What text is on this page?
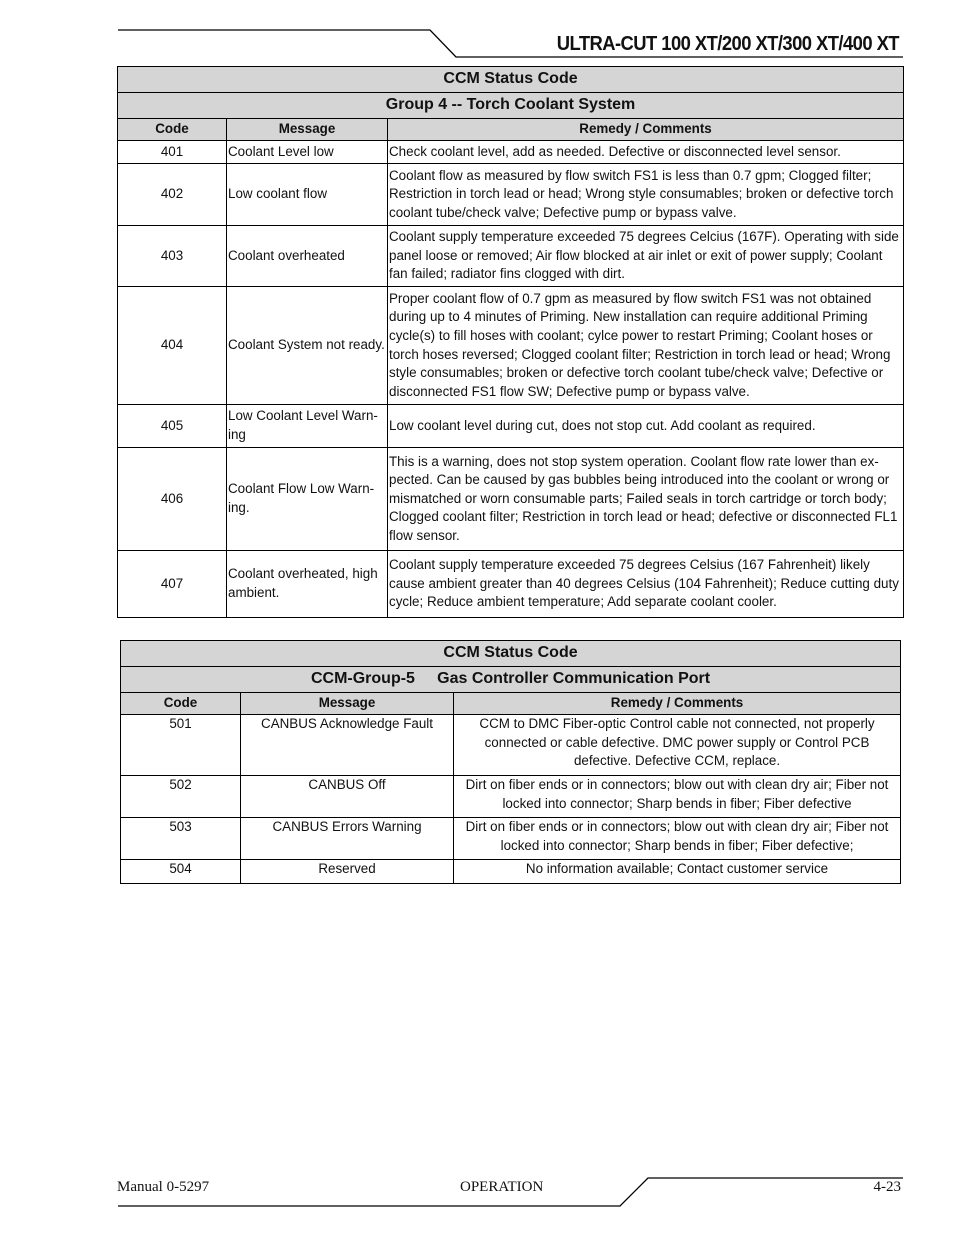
ULTRA-CUT 100 XT/200 XT/300 XT/400 XT
CCM Status Code		
Group 4 -- Torch Coolant System		
Code	Message	Remedy / Comments
401	Coolant Level low	Check coolant level, add as needed. Defective or disconnected level sensor.
402	Low coolant flow	Coolant flow as measured by flow switch FS1 is less than 0.7 gpm; Clogged filter; Restriction in torch lead or head; Wrong style consumables; broken or defective torch coolant tube/check valve; Defective pump or bypass valve.
403	Coolant overheated	Coolant supply temperature exceeded 75 degrees Celcius (167F). Operating with side panel loose or removed; Air flow blocked at air inlet or exit of power supply; Coolant fan failed; radiator fins clogged with dirt.
404	Coolant System not ready.	Proper coolant flow of 0.7 gpm as measured by flow switch FS1 was not obtained during up to 4 minutes of Priming. New installation can require additional Priming cycle(s) to fill hoses with coolant; cylce power to restart Priming; Coolant hoses or torch hoses reversed; Clogged coolant filter; Restriction in torch lead or head; Wrong style consumables; broken or defective torch coolant tube/check valve; Defective or disconnected FS1 flow SW; Defective pump or bypass valve.
405	Low Coolant Level Warn-ing	Low coolant level during cut, does not stop cut. Add coolant as required.
406	Coolant Flow Low Warn-ing.	This is a warning, does not stop system operation. Coolant flow rate lower than ex-pected. Can be caused by gas bubbles being introduced into the coolant or wrong or mismatched or worn consumable parts; Failed seals in torch cartridge or torch body; Clogged coolant filter; Restriction in torch lead or head; defective or disconnected FL1 flow sensor.
407	Coolant overheated, high ambient.	Coolant supply temperature exceeded 75 degrees Celsius (167 Fahrenheit) likely cause ambient greater than 40 degrees Celsius (104 Fahrenheit); Reduce cutting duty cycle; Reduce ambient temperature; Add separate coolant cooler.
CCM Status Code		
CCM-Group-5     Gas Controller Communication Port		
Code	Message	Remedy / Comments
501	CANBUS Acknowledge Fault	CCM to DMC Fiber-optic Control cable not connected, not properly connected or cable defective. DMC power supply or Control PCB defective. Defective CCM, replace.
502	CANBUS Off	Dirt on fiber ends or in connectors; blow out with clean dry air; Fiber not locked into connector; Sharp bends in fiber; Fiber defective
503	CANBUS Errors Warning	Dirt on fiber ends or in connectors; blow out with clean dry air; Fiber not locked into connector; Sharp bends in fiber; Fiber defective;
504	Reserved	No information available; Contact customer service
Manual 0-5297	OPERATION	4-23
